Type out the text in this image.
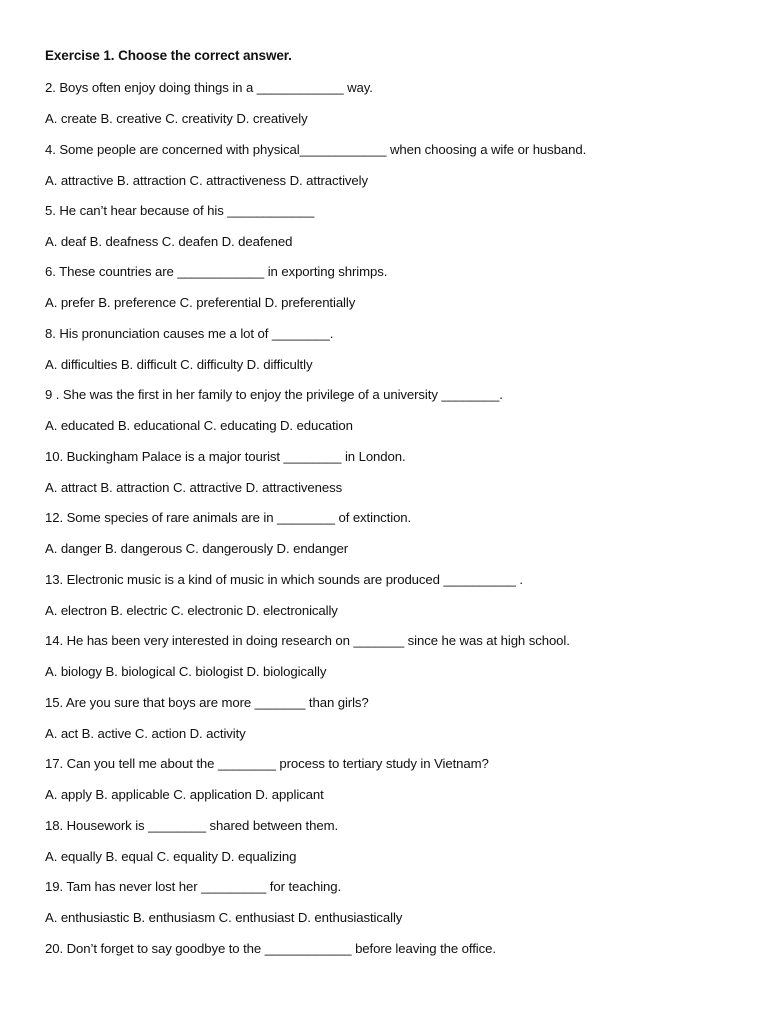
Exercise 1. Choose the correct answer.
2. Boys often enjoy doing things in a ____________ way.
A. create B. creative C. creativity D. creatively
4. Some people are concerned with physical____________ when choosing a wife or husband.
A. attractive B. attraction C. attractiveness D. attractively
5. He can’t hear because of his ____________
A. deaf B. deafness C. deafen D. deafened
6. These countries are ____________ in exporting shrimps.
A. prefer B. preference C. preferential D. preferentially
8. His pronunciation causes me a lot of ________.
A. difficulties B. difficult C. difficulty D. difficultly
9 . She was the first in her family to enjoy the privilege of a university ________.
A. educated B. educational C. educating D. education
10. Buckingham Palace is a major tourist ________ in London.
A. attract B. attraction C. attractive D. attractiveness
12. Some species of rare animals are in ________ of extinction.
A. danger B. dangerous C. dangerously D. endanger
13. Electronic music is a kind of music in which sounds are produced __________ .
A. electron B. electric C. electronic D. electronically
14. He has been very interested in doing research on _______ since he was at high school.
A. biology B. biological C. biologist D. biologically
15. Are you sure that boys are more _______ than girls?
A. act B. active C. action D. activity
17. Can you tell me about the ________ process to tertiary study in Vietnam?
A. apply B. applicable C. application D. applicant
18. Housework is ________ shared between them.
A. equally B. equal C. equality D. equalizing
19. Tam has never lost her _________ for teaching.
A. enthusiastic B. enthusiasm C. enthusiast D. enthusiastically
20. Don’t forget to say goodbye to the ____________ before leaving the office.
